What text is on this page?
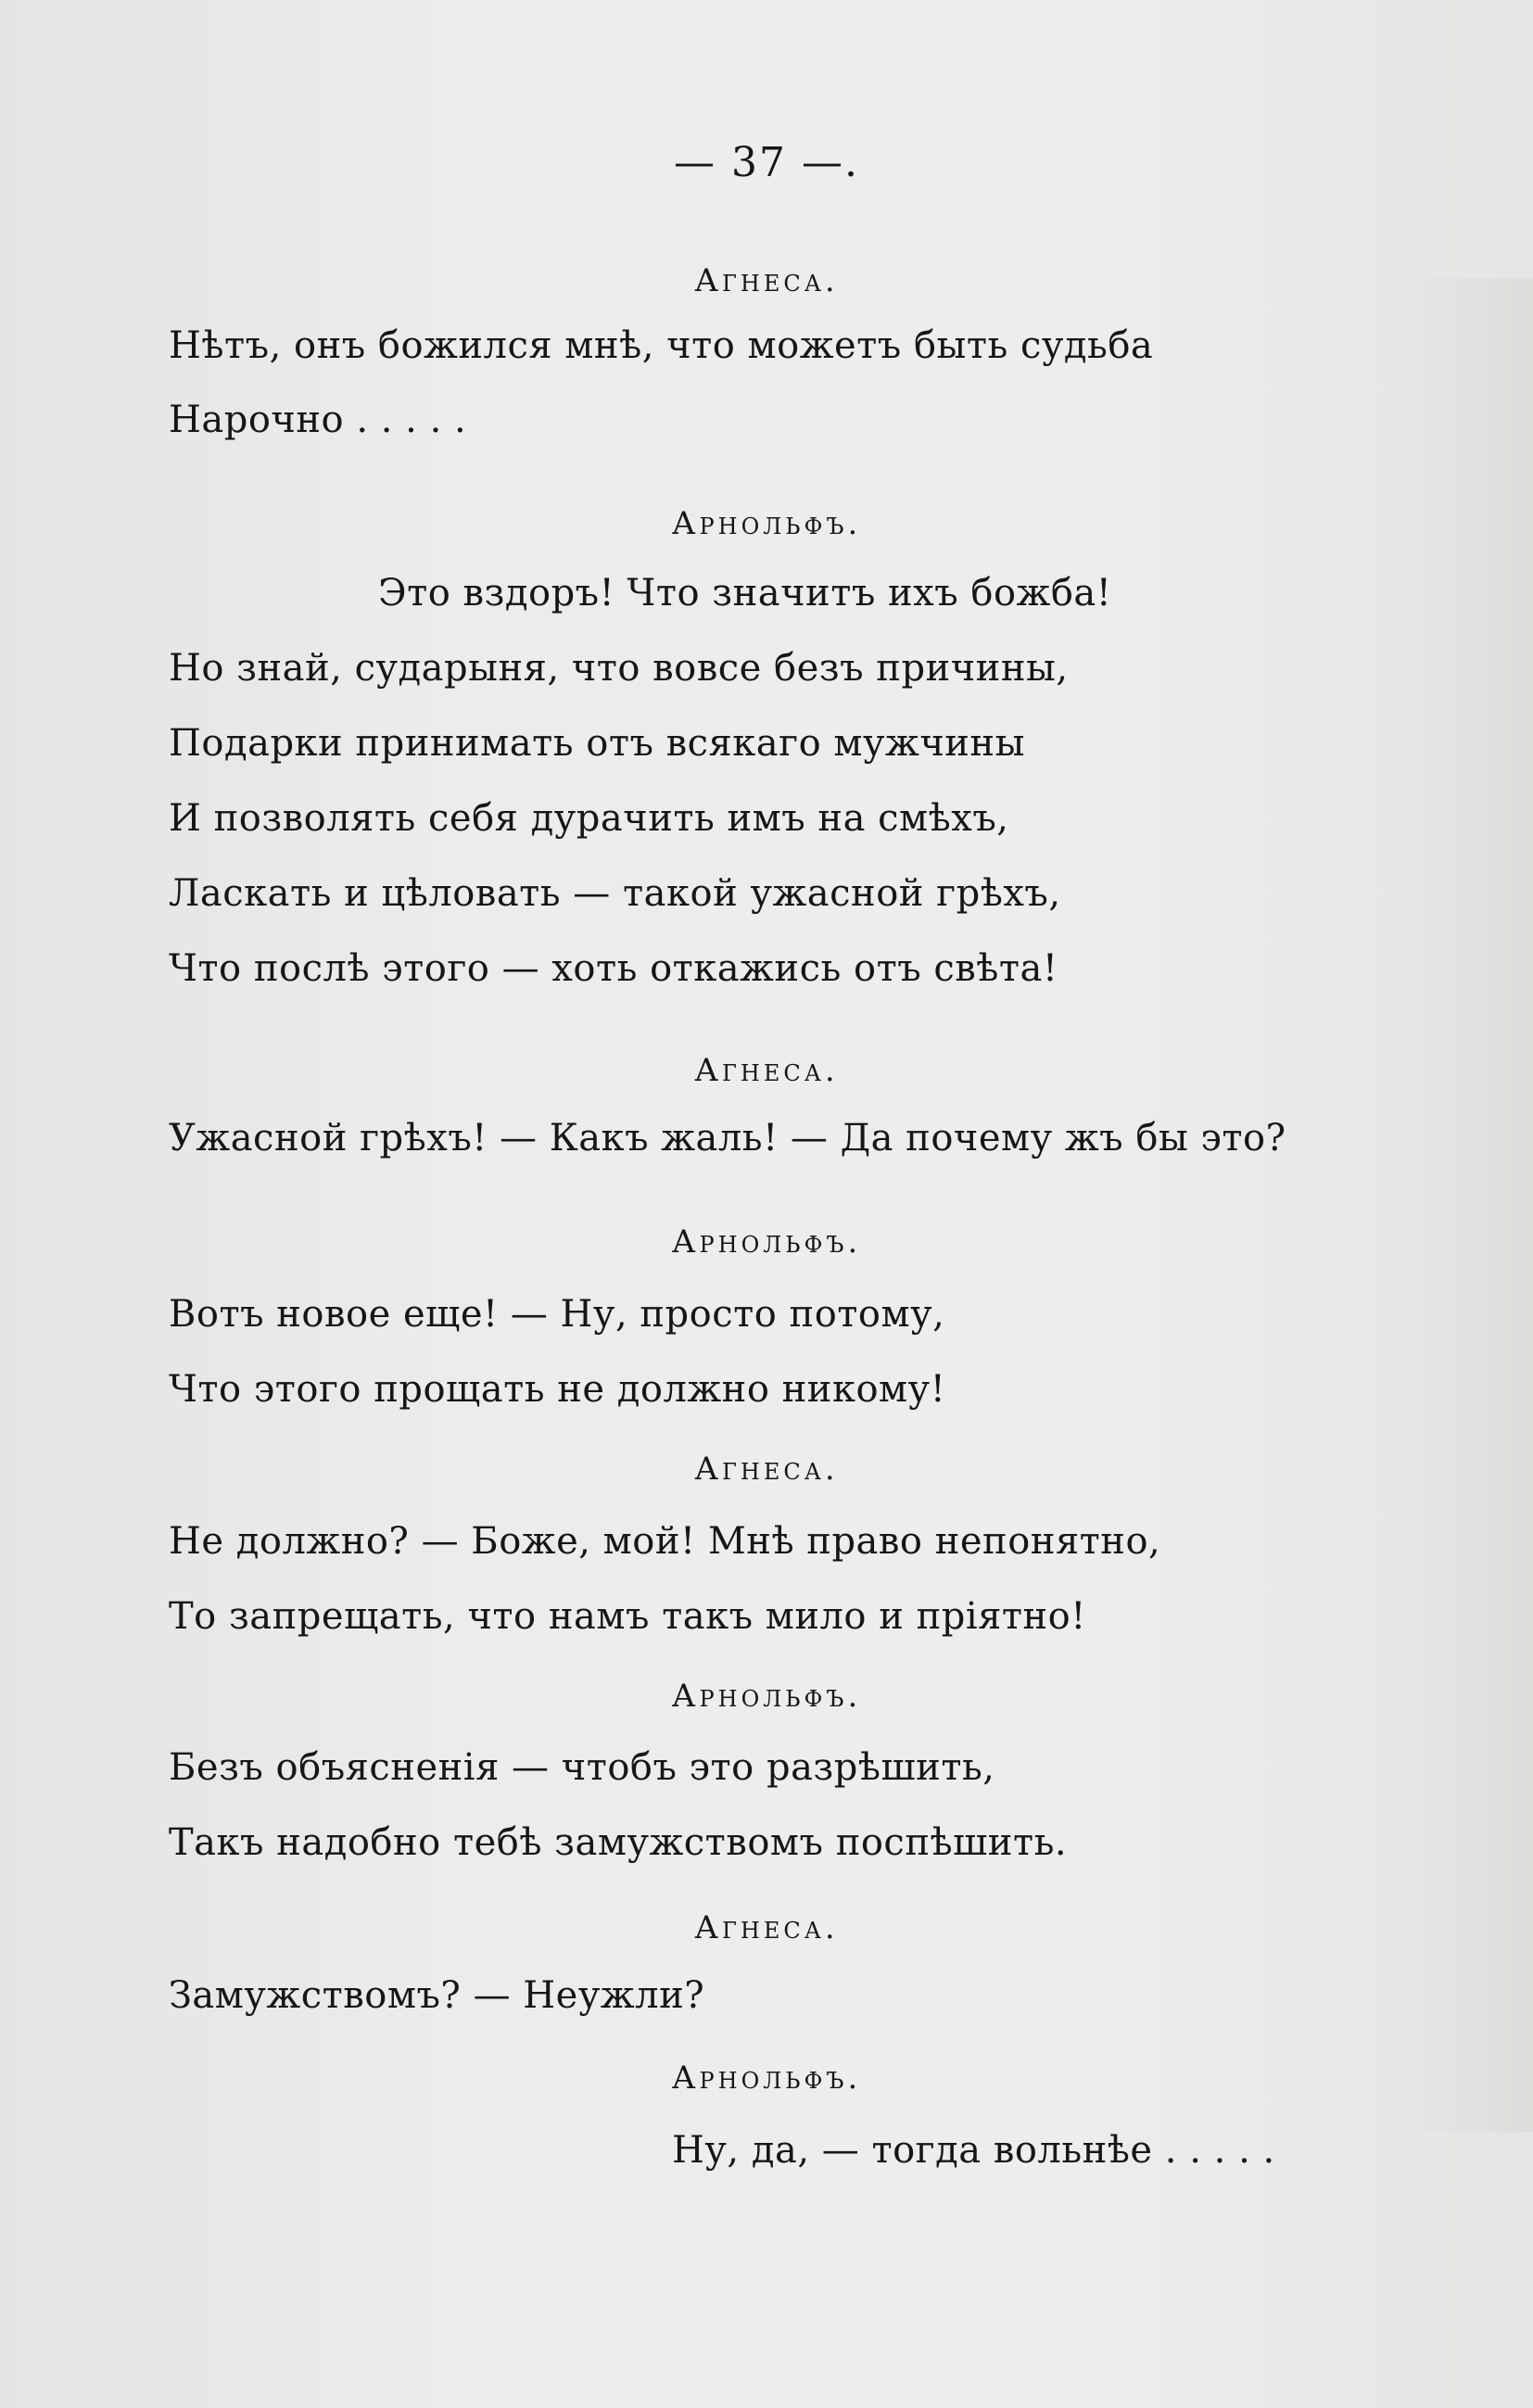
— 37 —.
Агнеса.
Нѣтъ, онъ божился мнѣ, что можетъ быть судьба
Нарочно . . . . .
Арнольфъ.
Это вздоръ! Что значитъ ихъ божба!
Но знай, сударыня, что вовсе безъ причины,
Подарки принимать отъ всякаго мужчины
И позволять себя дурачить имъ на смѣхъ,
Ласкать и цѣловать — такой ужасной грѣхъ,
Что послѣ этого — хоть откажись отъ свѣта!
Агнеса.
Ужасной грѣхъ! — Какъ жаль! — Да почему жъ бы это?
Арнольфъ.
Вотъ новое еще! — Ну, просто потому,
Что этого прощать не должно никому!
Агнеса.
Не должно? — Боже, мой! Мнѣ право непонятно,
То запрещать, что намъ такъ мило и пріятно!
Арнольфъ.
Безъ объясненія — чтобъ это разрѣшить,
Такъ надобно тебѣ замужствомъ поспѣшить.
Агнеса.
Замужствомъ? — Неужли?
Арнольфъ.
Ну, да, — тогда вольнѣе . . . . .
